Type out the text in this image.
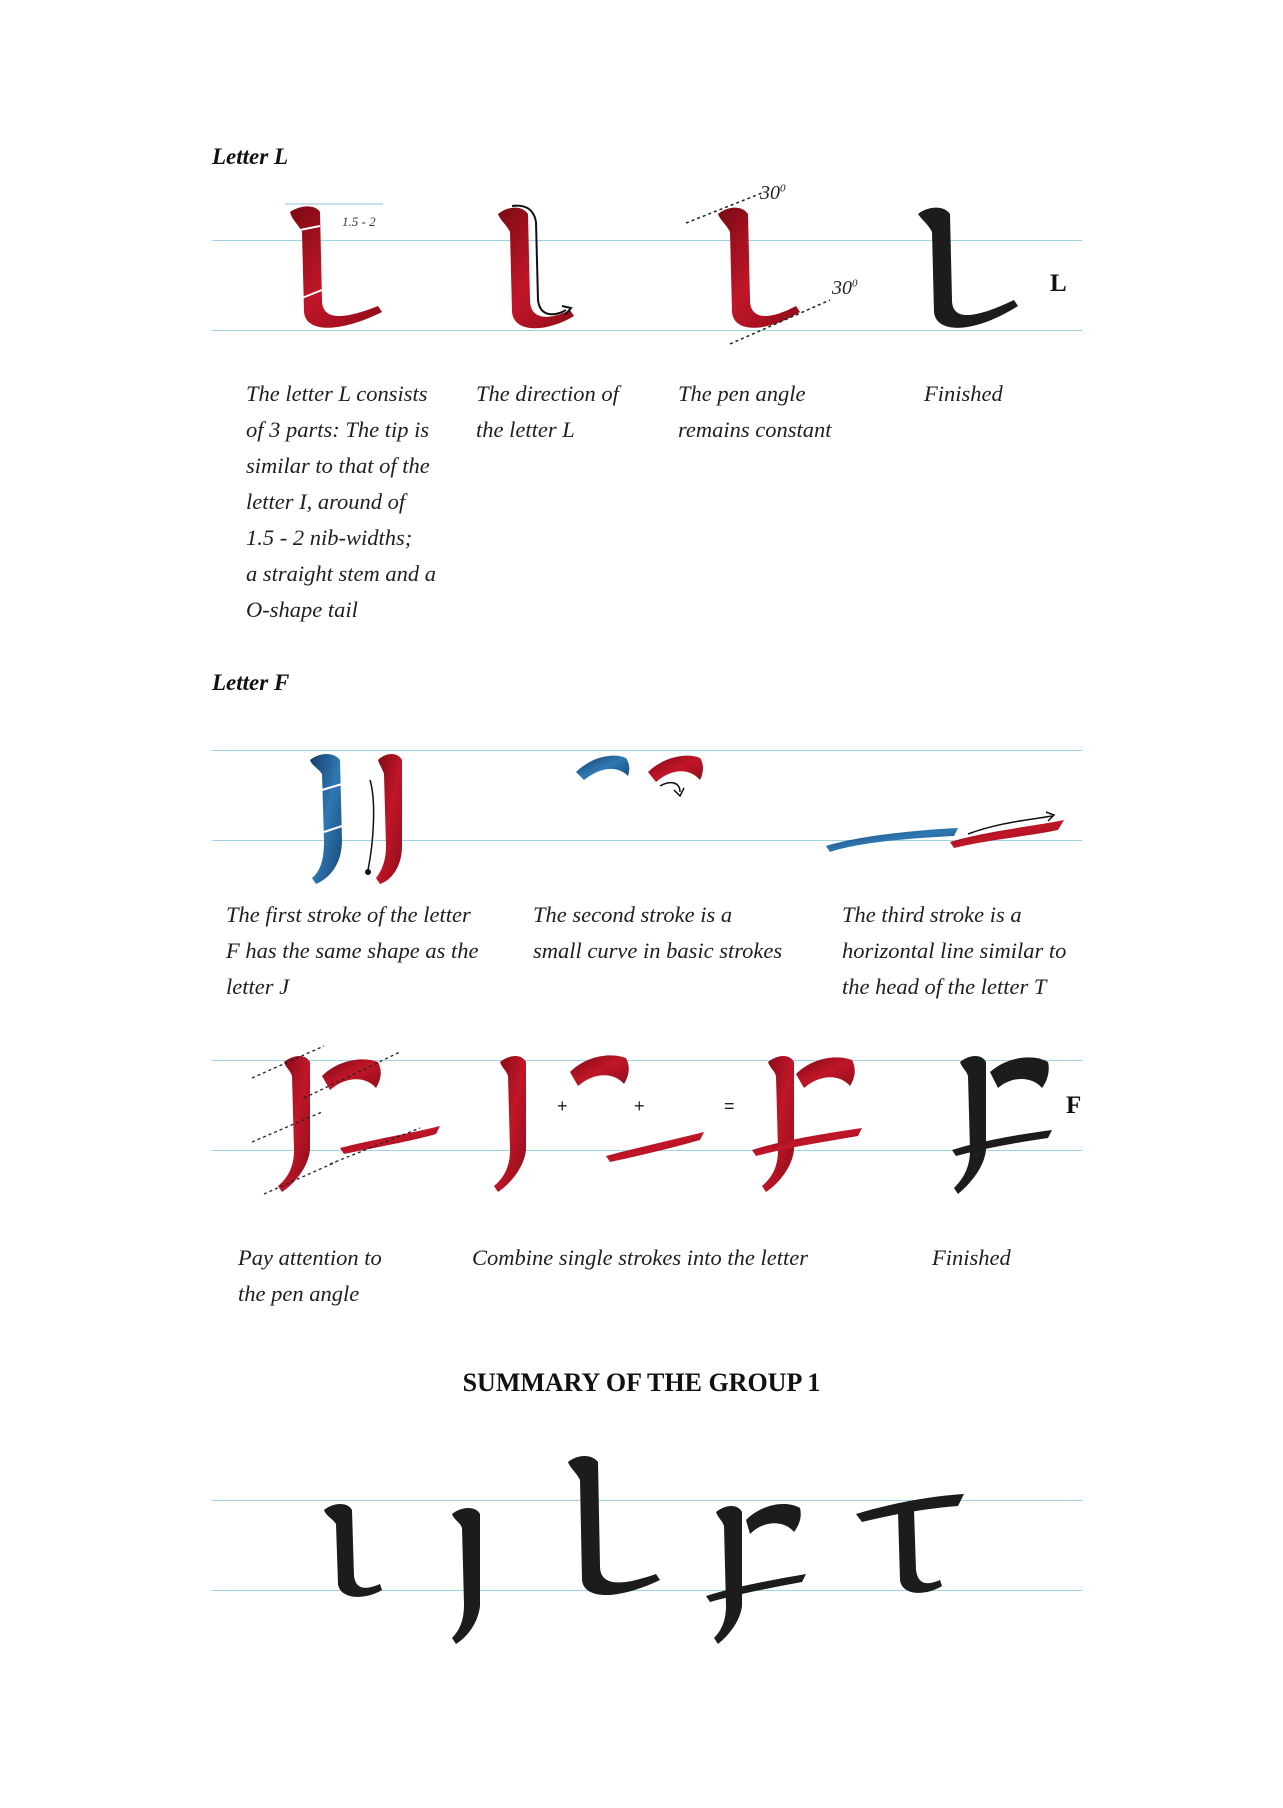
Letter L
1.5 - 2
$30^0$
$30^0$	L
The letter L consists
of 3 parts: The tip is
similar to that of the
letter I, around of
1.5 - 2 nib-widths;
a straight stem and a
O-shape tail
The direction of
the letter L
The pen angle
remains constant
Finished
Letter F
The first stroke of the letter
F has the same shape as the
letter J
The second stroke is a
small curve in basic strokes
The third stroke is a
horizontal line similar to
the head of the letter T
+	+	=	F
Pay attention to
the pen angle
Combine single strokes into the letter	Finished
SUMMARY OF THE GROUP 1
